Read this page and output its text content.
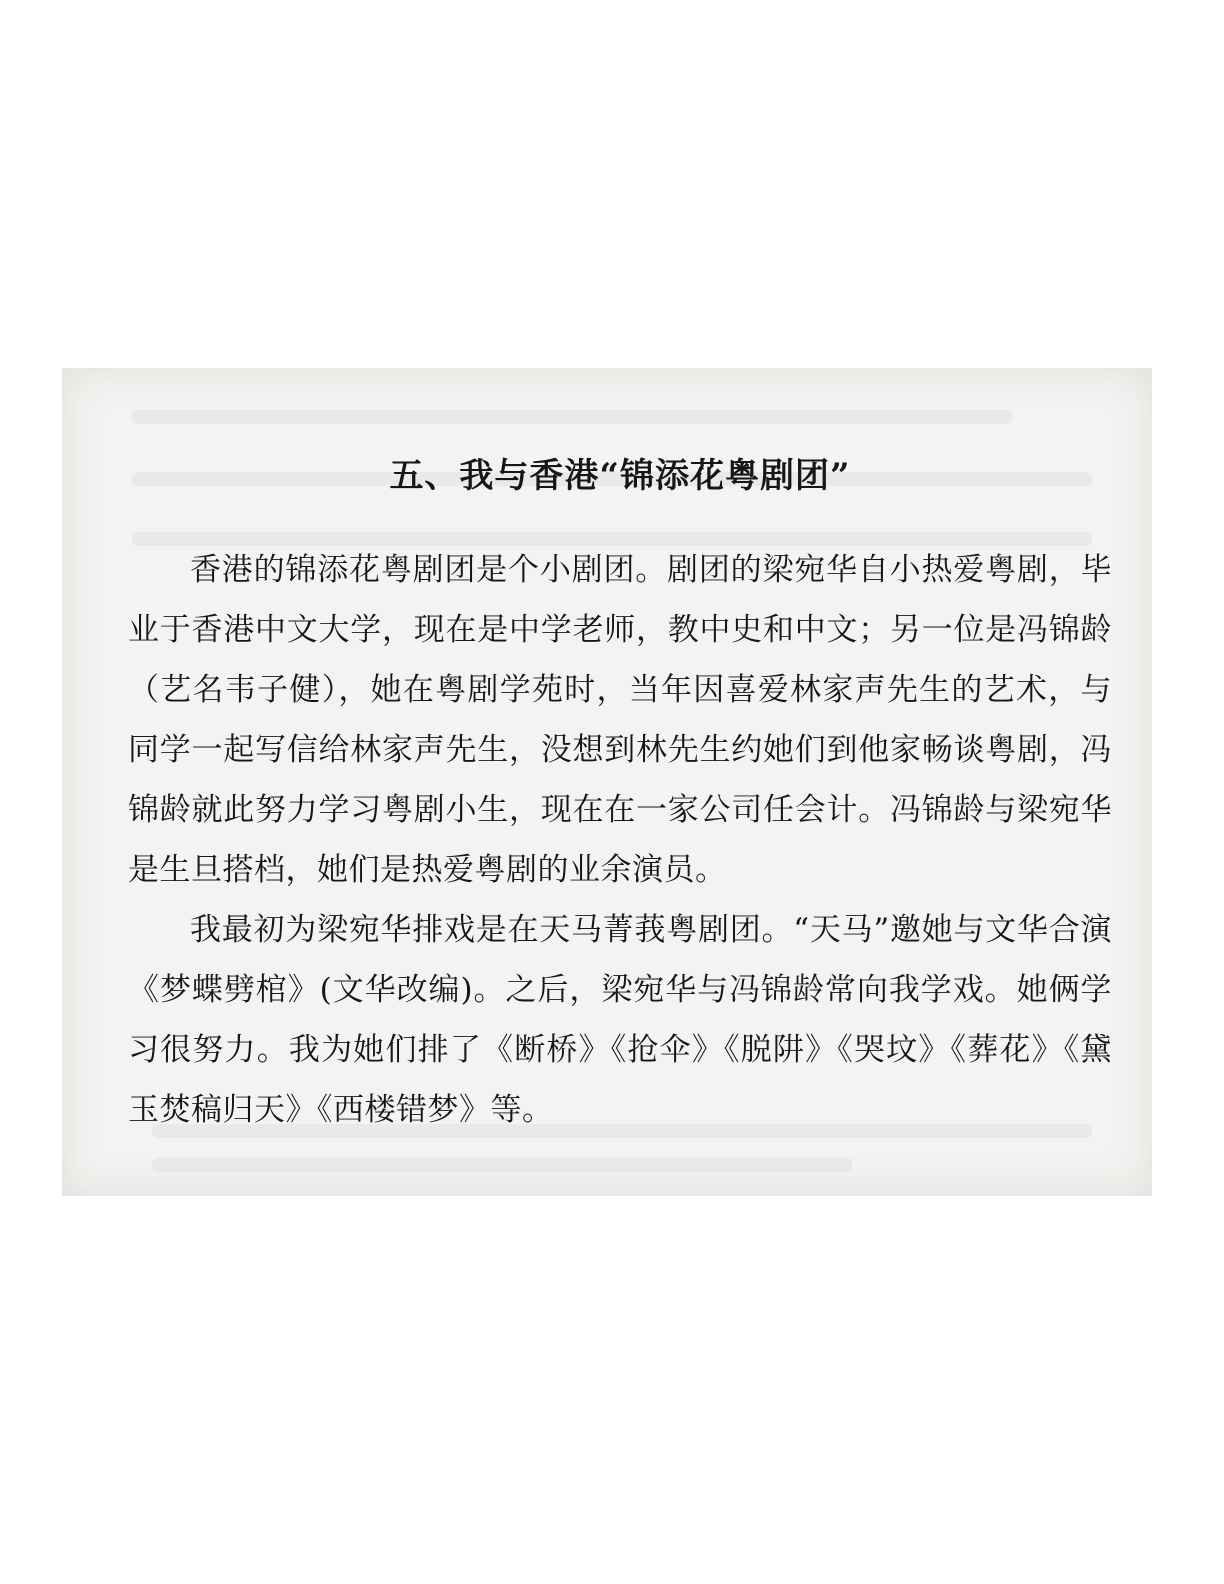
五、我与香港“锦添花粤剧团”

香港的锦添花粤剧团是个小剧团。剧团的梁宛华自小热爱粤剧，毕业于香港中文大学，现在是中学老师，教中史和中文；另一位是冯锦龄（艺名韦子健），她在粤剧学苑时，当年因喜爱林家声先生的艺术，与同学一起写信给林家声先生，没想到林先生约她们到他家畅谈粤剧，冯锦龄就此努力学习粤剧小生，现在在一家公司任会计。冯锦龄与梁宛华是生旦搭档，她们是热爱粤剧的业余演员。

我最初为梁宛华排戏是在天马菁莪粤剧团。“天马”邀她与文华合演《梦蝶劈棺》(文华改编)。之后，梁宛华与冯锦龄常向我学戏。她俩学习很努力。我为她们排了《断桥》《抢伞》《脱阱》《哭坟》《葬花》《黛玉焚稿归天》《西楼错梦》等。
